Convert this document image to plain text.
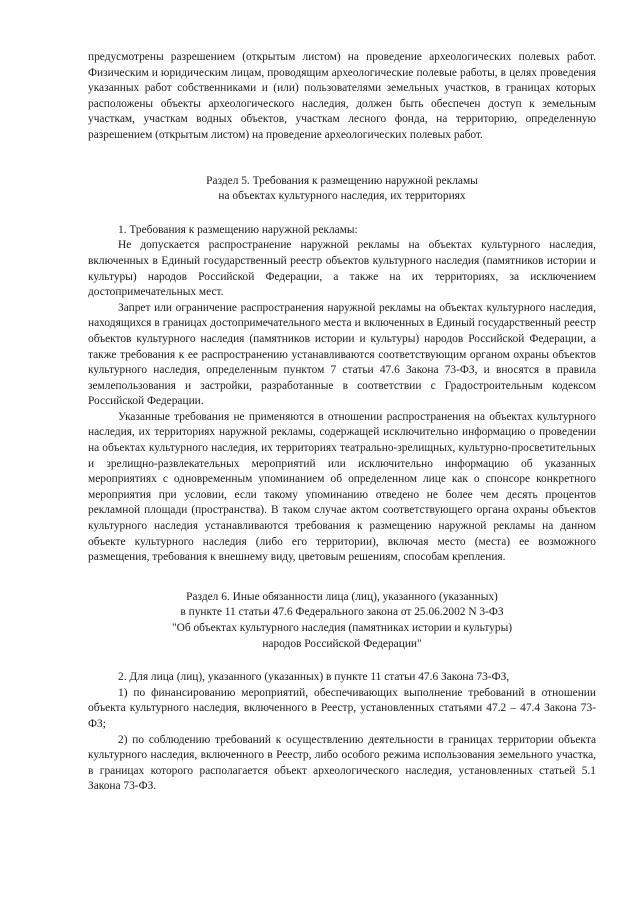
предусмотрены разрешением (открытым листом) на проведение археологических полевых работ. Физическим и юридическим лицам, проводящим археологические полевые работы, в целях проведения указанных работ собственниками и (или) пользователями земельных участков, в границах которых расположены объекты археологического наследия, должен быть обеспечен доступ к земельным участкам, участкам водных объектов, участкам лесного фонда, на территорию, определенную разрешением (открытым листом) на проведение археологических полевых работ.

Раздел 5. Требования к размещению наружной рекламы

на объектах культурного наследия, их территориях

1. Требования к размещению наружной рекламы:

Не допускается распространение наружной рекламы на объектах культурного наследия, включенных в Единый государственный реестр объектов культурного наследия (памятников истории и культуры) народов Российской Федерации, а также на их территориях, за исключением достопримечательных мест.

Запрет или ограничение распространения наружной рекламы на объектах культурного наследия, находящихся в границах достопримечательного места и включенных в Единый государственный реестр объектов культурного наследия (памятников истории и культуры) народов Российской Федерации, а также требования к ее распространению устанавливаются соответствующим органом охраны объектов культурного наследия, определенным пунктом 7 статьи 47.6 Закона 73-ФЗ, и вносятся в правила землепользования и застройки, разработанные в соответствии с Градостроительным кодексом Российской Федерации.

Указанные требования не применяются в отношении распространения на объектах культурного наследия, их территориях наружной рекламы, содержащей исключительно информацию о проведении на объектах культурного наследия, их территориях театрально-зрелищных, культурно-просветительных и зрелищно-развлекательных мероприятий или исключительно информацию об указанных мероприятиях с одновременным упоминанием об определенном лице как о спонсоре конкретного мероприятия при условии, если такому упоминанию отведено не более чем десять процентов рекламной площади (пространства). В таком случае актом соответствующего органа охраны объектов культурного наследия устанавливаются требования к размещению наружной рекламы на данном объекте культурного наследия (либо его территории), включая место (места) ее возможного размещения, требования к внешнему виду, цветовым решениям, способам крепления.

Раздел 6. Иные обязанности лица (лиц), указанного (указанных)

в пункте 11 статьи 47.6 Федерального закона от 25.06.2002 N 3-ФЗ

"Об объектах культурного наследия (памятниках истории и культуры)

народов Российской Федерации"

2. Для лица (лиц), указанного (указанных) в пункте 11 статьи 47.6 Закона 73-ФЗ,

1) по финансированию мероприятий, обеспечивающих выполнение требований в отношении объекта культурного наследия, включенного в Реестр, установленных статьями 47.2 – 47.4 Закона 73-ФЗ;

2) по соблюдению требований к осуществлению деятельности в границах территории объекта культурного наследия, включенного в Реестр, либо особого режима использования земельного участка, в границах которого располагается объект археологического наследия, установленных статьей 5.1 Закона 73-ФЗ.
